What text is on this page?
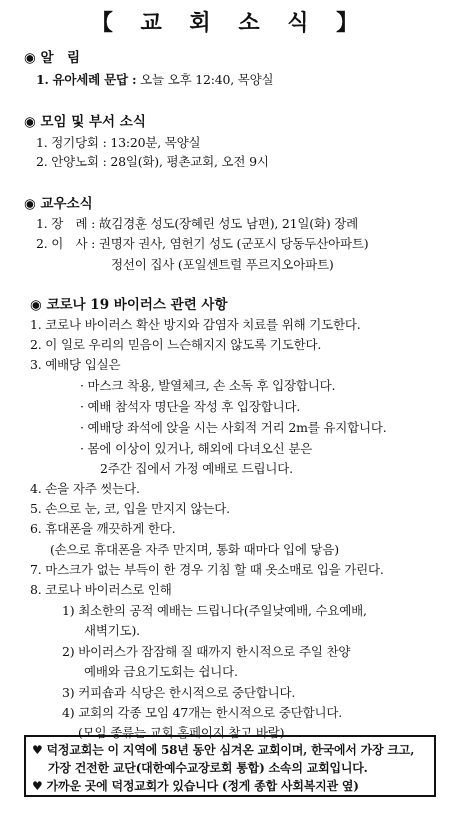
【 교 회 소 식 】
◉ 알　림
1. 유아세례 문답 : 오늘 오후 12:40, 목양실
◉ 모임 및 부서 소식
1. 정기당회 : 13:20분, 목양실
2. 안양노회 : 28일(화), 평촌교회, 오전 9시
◉ 교우소식
1. 장　례 : 故김경훈 성도(장혜린 성도 남편), 21일(화) 장례
2. 이　사 : 권명자 권사, 염헌기 성도 (군포시 당동두산아파트)
정선이 집사 (포일센트럴 푸르지오아파트)
◉ 코로나 19 바이러스 관련 사항
1. 코로나 바이러스 확산 방지와 감염자 치료를 위해 기도한다.
2. 이 일로 우리의 믿음이 느슨해지지 않도록 기도한다.
3. 예배당 입실은
· 마스크 착용, 발열체크, 손 소독 후 입장합니다.
· 예배 참석자 명단을 작성 후 입장합니다.
· 예배당 좌석에 앉을 시는 사회적 거리 2m를 유지합니다.
· 몸에 이상이 있거나, 해외에 다녀오신 분은
2주간 집에서 가정 예배로 드립니다.
4. 손을 자주 씻는다.
5. 손으로 눈, 코, 입을 만지지 않는다.
6. 휴대폰을 깨끗하게 한다.
(손으로 휴대폰을 자주 만지며, 통화 때마다 입에 닿음)
7. 마스크가 없는 부득이 한 경우 기침 할 때 옷소매로 입을 가린다.
8. 코로나 바이러스로 인해
1) 최소한의 공적 예배는 드립니다(주일낮예배, 수요예배,
새벽기도).
2) 바이러스가 잠잠해 질 때까지 한시적으로 주일 찬양
예배와 금요기도회는 쉽니다.
3) 커피숍과 식당은 한시적으로 중단합니다.
4) 교회의 각종 모임 47개는 한시적으로 중단합니다.
(모임 종류는 교회 홈페이지 참고 바람)
♥ 덕정교회는 이 지역에 58년 동안 심겨온 교회이며, 한국에서 가장 크고,
가장 건전한 교단(대한예수교장로회 통합) 소속의 교회입니다.
♥ 가까운 곳에 덕정교회가 있습니다 (정게 종합 사회복지관 옆)
